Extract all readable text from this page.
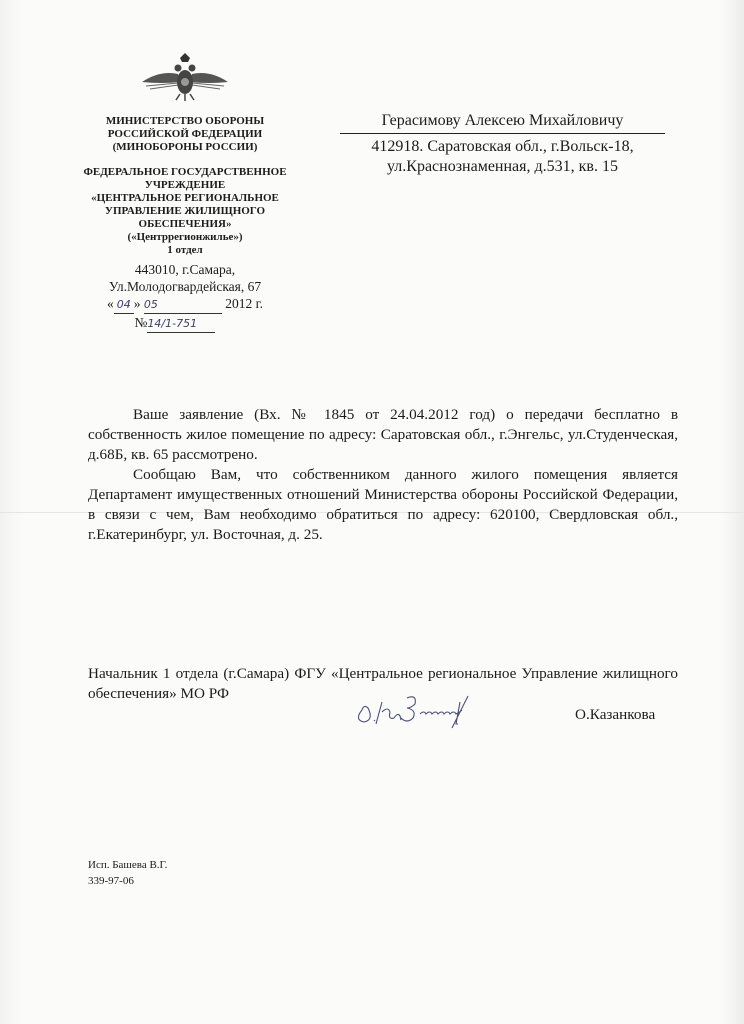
МИНИСТЕРСТВО ОБОРОНЫ
РОССИЙСКОЙ ФЕДЕРАЦИИ
(МИНОБОРОНЫ РОССИИ)
ФЕДЕРАЛЬНОЕ ГОСУДАРСТВЕННОЕ
УЧРЕЖДЕНИЕ
«ЦЕНТРАЛЬНОЕ РЕГИОНАЛЬНОЕ
УПРАВЛЕНИЕ ЖИЛИЩНОГО
ОБЕСПЕЧЕНИЯ»
(«Центррегионжилье»)
1 отдел
443010, г.Самара,
Ул.Молодогвардейская, 67
« 04 » 05	2012 г.
№14/1-751
Герасимову Алексею Михайловичу
412918. Саратовская обл., г.Вольск-18,
ул.Краснознаменная, д.531, кв. 15

Ваше заявление (Вх. № 1845 от 24.04.2012 год) о передачи бесплатно в собственность жилое помещение по адресу: Саратовская обл., г.Энгельс, ул.Студенческая, д.68Б, кв. 65 рассмотрено.

Сообщаю Вам, что собственником данного жилого помещения является Департамент имущественных отношений Министерства обороны Российской Федерации, в связи с чем, Вам необходимо обратиться по адресу: 620100, Свердловская обл., г.Екатеринбург, ул. Восточная, д. 25.

Начальник 1 отдела (г.Самара) ФГУ «Центральное региональное Управление жилищного обеспечения» МО РФ
О.Казанкова
Исп. Башева В.Г.
339-97-06
